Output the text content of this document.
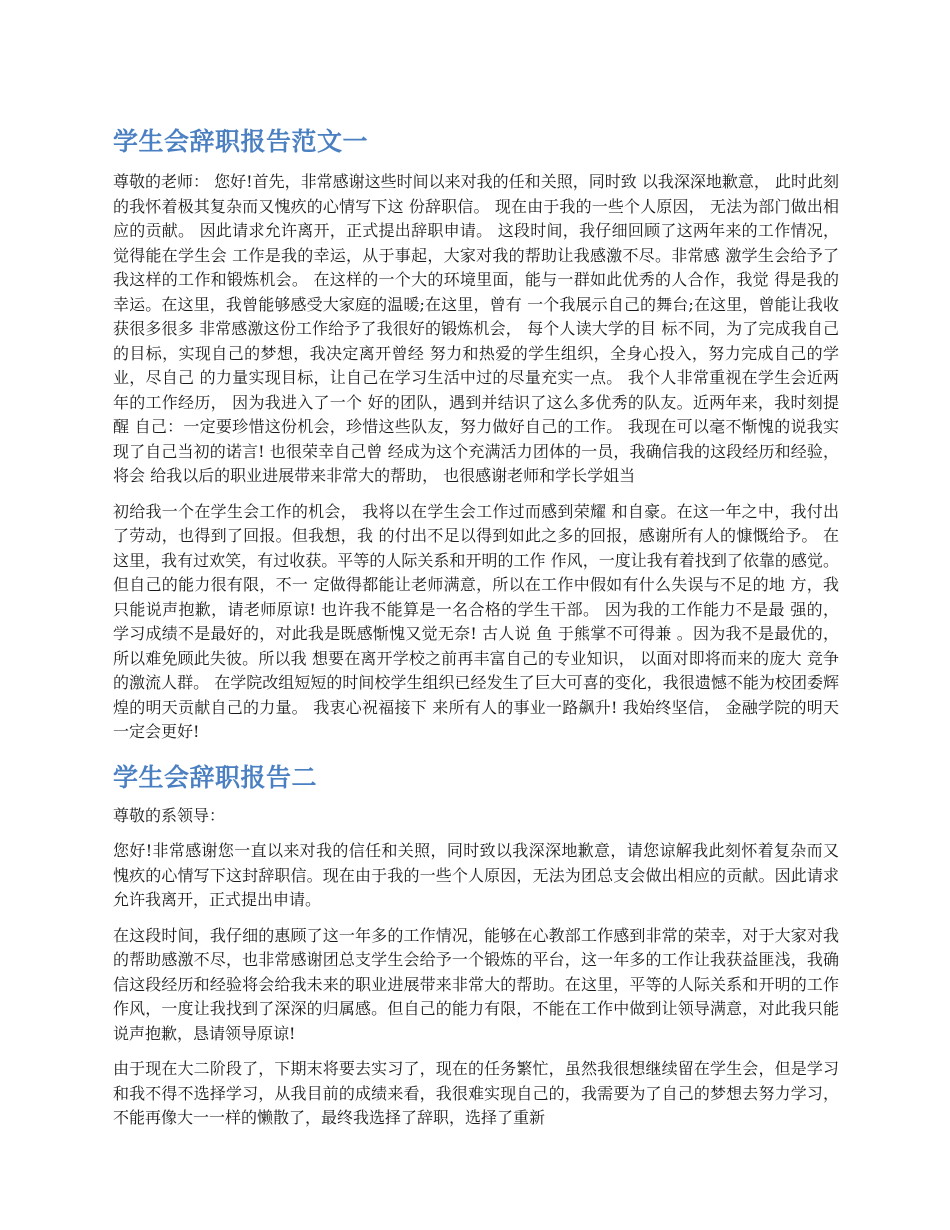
学生会辞职报告范文一

尊敬的老师： 您好!首先，非常感谢这些时间以来对我的任和关照，同时致 以我深深地歉意， 此时此刻的我怀着极其复杂而又愧疚的心情写下这 份辞职信。 现在由于我的一些个人原因， 无法为部门做出相应的贡献。 因此请求允许离开，正式提出辞职申请。 这段时间，我仔细回顾了这两年来的工作情况，觉得能在学生会 工作是我的幸运，从于事起，大家对我的帮助让我感激不尽。非常感 激学生会给予了我这样的工作和锻炼机会。 在这样的一个大的环境里面，能与一群如此优秀的人合作，我觉 得是我的幸运。在这里，我曾能够感受大家庭的温暖;在这里，曾有 一个我展示自己的舞台;在这里，曾能让我收获很多很多 非常感激这份工作给予了我很好的锻炼机会， 每个人读大学的目 标不同，为了完成我自己的目标，实现自己的梦想，我决定离开曾经 努力和热爱的学生组织，全身心投入，努力完成自己的学业，尽自己 的力量实现目标，让自己在学习生活中过的尽量充实一点。 我个人非常重视在学生会近两年的工作经历， 因为我进入了一个 好的团队，遇到并结识了这么多优秀的队友。近两年来，我时刻提醒 自己：一定要珍惜这份机会，珍惜这些队友，努力做好自己的工作。 我现在可以毫不惭愧的说我实现了自己当初的诺言! 也很荣幸自己曾 经成为这个充满活力团体的一员，我确信我的这段经历和经验，将会 给我以后的职业进展带来非常大的帮助， 也很感谢老师和学长学姐当

初给我一个在学生会工作的机会， 我将以在学生会工作过而感到荣耀 和自豪。在这一年之中，我付出了劳动，也得到了回报。但我想，我 的付出不足以得到如此之多的回报，感谢所有人的慷慨给予。 在这里，我有过欢笑，有过收获。平等的人际关系和开明的工作 作风，一度让我有着找到了依靠的感觉。但自己的能力很有限，不一 定做得都能让老师满意，所以在工作中假如有什么失误与不足的地 方，我只能说声抱歉，请老师原谅! 也许我不能算是一名合格的学生干部。 因为我的工作能力不是最 强的， 学习成绩不是最好的，对此我是既感惭愧又觉无奈! 古人说 鱼 于熊掌不可得兼 。因为我不是最优的，所以难免顾此失彼。所以我 想要在离开学校之前再丰富自己的专业知识， 以面对即将而来的庞大 竞争的激流人群。 在学院改组短短的时间校学生组织已经发生了巨大可喜的变化，我很遗憾不能为校团委辉煌的明天贡献自己的力量。 我衷心祝福接下 来所有人的事业一路飙升! 我始终坚信， 金融学院的明天一定会更好!

学生会辞职报告二

尊敬的系领导：

您好!非常感谢您一直以来对我的信任和关照，同时致以我深深地歉意，请您谅解我此刻怀着复杂而又愧疚的心情写下这封辞职信。现在由于我的一些个人原因，无法为团总支会做出相应的贡献。因此请求允许我离开，正式提出申请。

在这段时间，我仔细的惠顾了这一年多的工作情况，能够在心教部工作感到非常的荣幸，对于大家对我的帮助感激不尽，也非常感谢团总支学生会给予一个锻炼的平台，这一年多的工作让我获益匪浅，我确信这段经历和经验将会给我未来的职业进展带来非常大的帮助。在这里，平等的人际关系和开明的工作作风，一度让我找到了深深的归属感。但自己的能力有限，不能在工作中做到让领导满意，对此我只能说声抱歉，恳请领导原谅!

由于现在大二阶段了，下期末将要去实习了，现在的任务繁忙，虽然我很想继续留在学生会，但是学习和我不得不选择学习，从我目前的成绩来看，我很难实现自己的，我需要为了自己的梦想去努力学习，不能再像大一一样的懒散了，最终我选择了辞职，选择了重新
